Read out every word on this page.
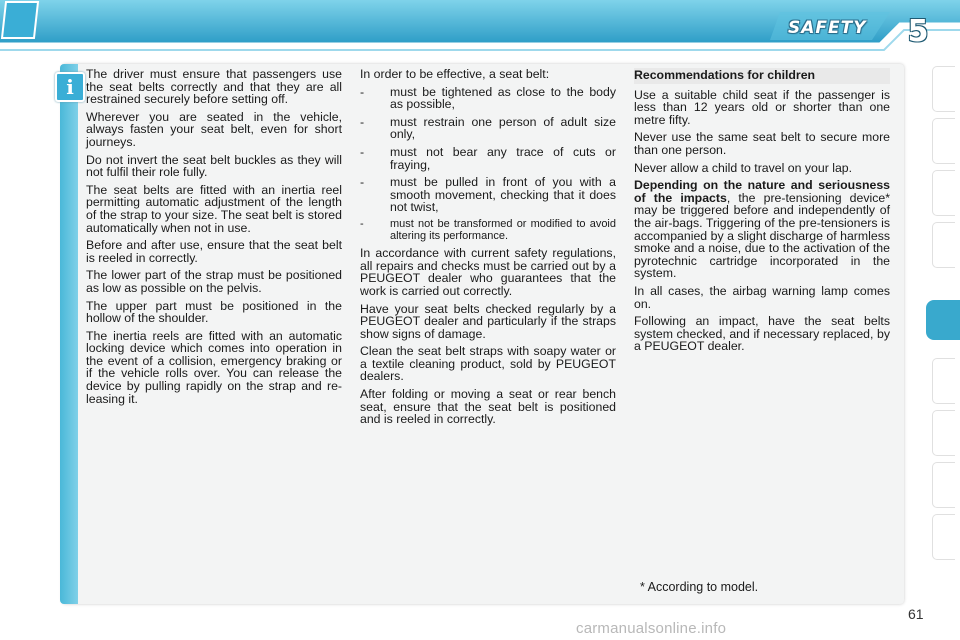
SAFETY	5
i

The driver must ensure that passengers use the seat belts correctly and that they are all restrained securely before setting off.

Wherever you are seated in the vehicle, always fasten your seat belt, even for short journeys.

Do not invert the seat belt buckles as they will not fulfil their role fully.

The seat belts are fitted with an inertia reel permitting automatic adjustment of the length of the strap to your size. The seat belt is stored automatically when not in use.

Before and after use, ensure that the seat belt is reeled in correctly.

The lower part of the strap must be positioned as low as possible on the pelvis.

The upper part must be positioned in the hollow of the shoulder.

The inertia reels are fitted with an automatic locking device which comes into operation in the event of a collision, emergency braking or if the vehicle rolls over. You can release the device by pulling rapidly on the strap and re-leasing it.

In order to be effective, a seat belt:

- must be tightened as close to the body as possible,
- must restrain one person of adult size only,
- must not bear any trace of cuts or fraying,
- must be pulled in front of you with a smooth movement, checking that it does not twist,
- must not be transformed or modified to avoid altering its performance.

In accordance with current safety regulations, all repairs and checks must be carried out by a PEUGEOT dealer who guarantees that the work is carried out correctly.

Have your seat belts checked regularly by a PEUGEOT dealer and particularly if the straps show signs of damage.

Clean the seat belt straps with soapy water or a textile cleaning product, sold by PEUGEOT dealers.

After folding or moving a seat or rear bench seat, ensure that the seat belt is positioned and is reeled in correctly.

Recommendations for children

Use a suitable child seat if the passenger is less than 12 years old or shorter than one metre fifty.

Never use the same seat belt to secure more than one person.

Never allow a child to travel on your lap.

Depending on the nature and seriousness of the impacts, the pre-tensioning device* may be triggered before and independently of the air-bags. Triggering of the pre-tensioners is accompanied by a slight discharge of harmless smoke and a noise, due to the activation of the pyrotechnic cartridge incorporated in the system.

In all cases, the airbag warning lamp comes on.

Following an impact, have the seat belts system checked, and if necessary replaced, by a PEUGEOT dealer.

* According to model.
61
carmanualsonline.info
